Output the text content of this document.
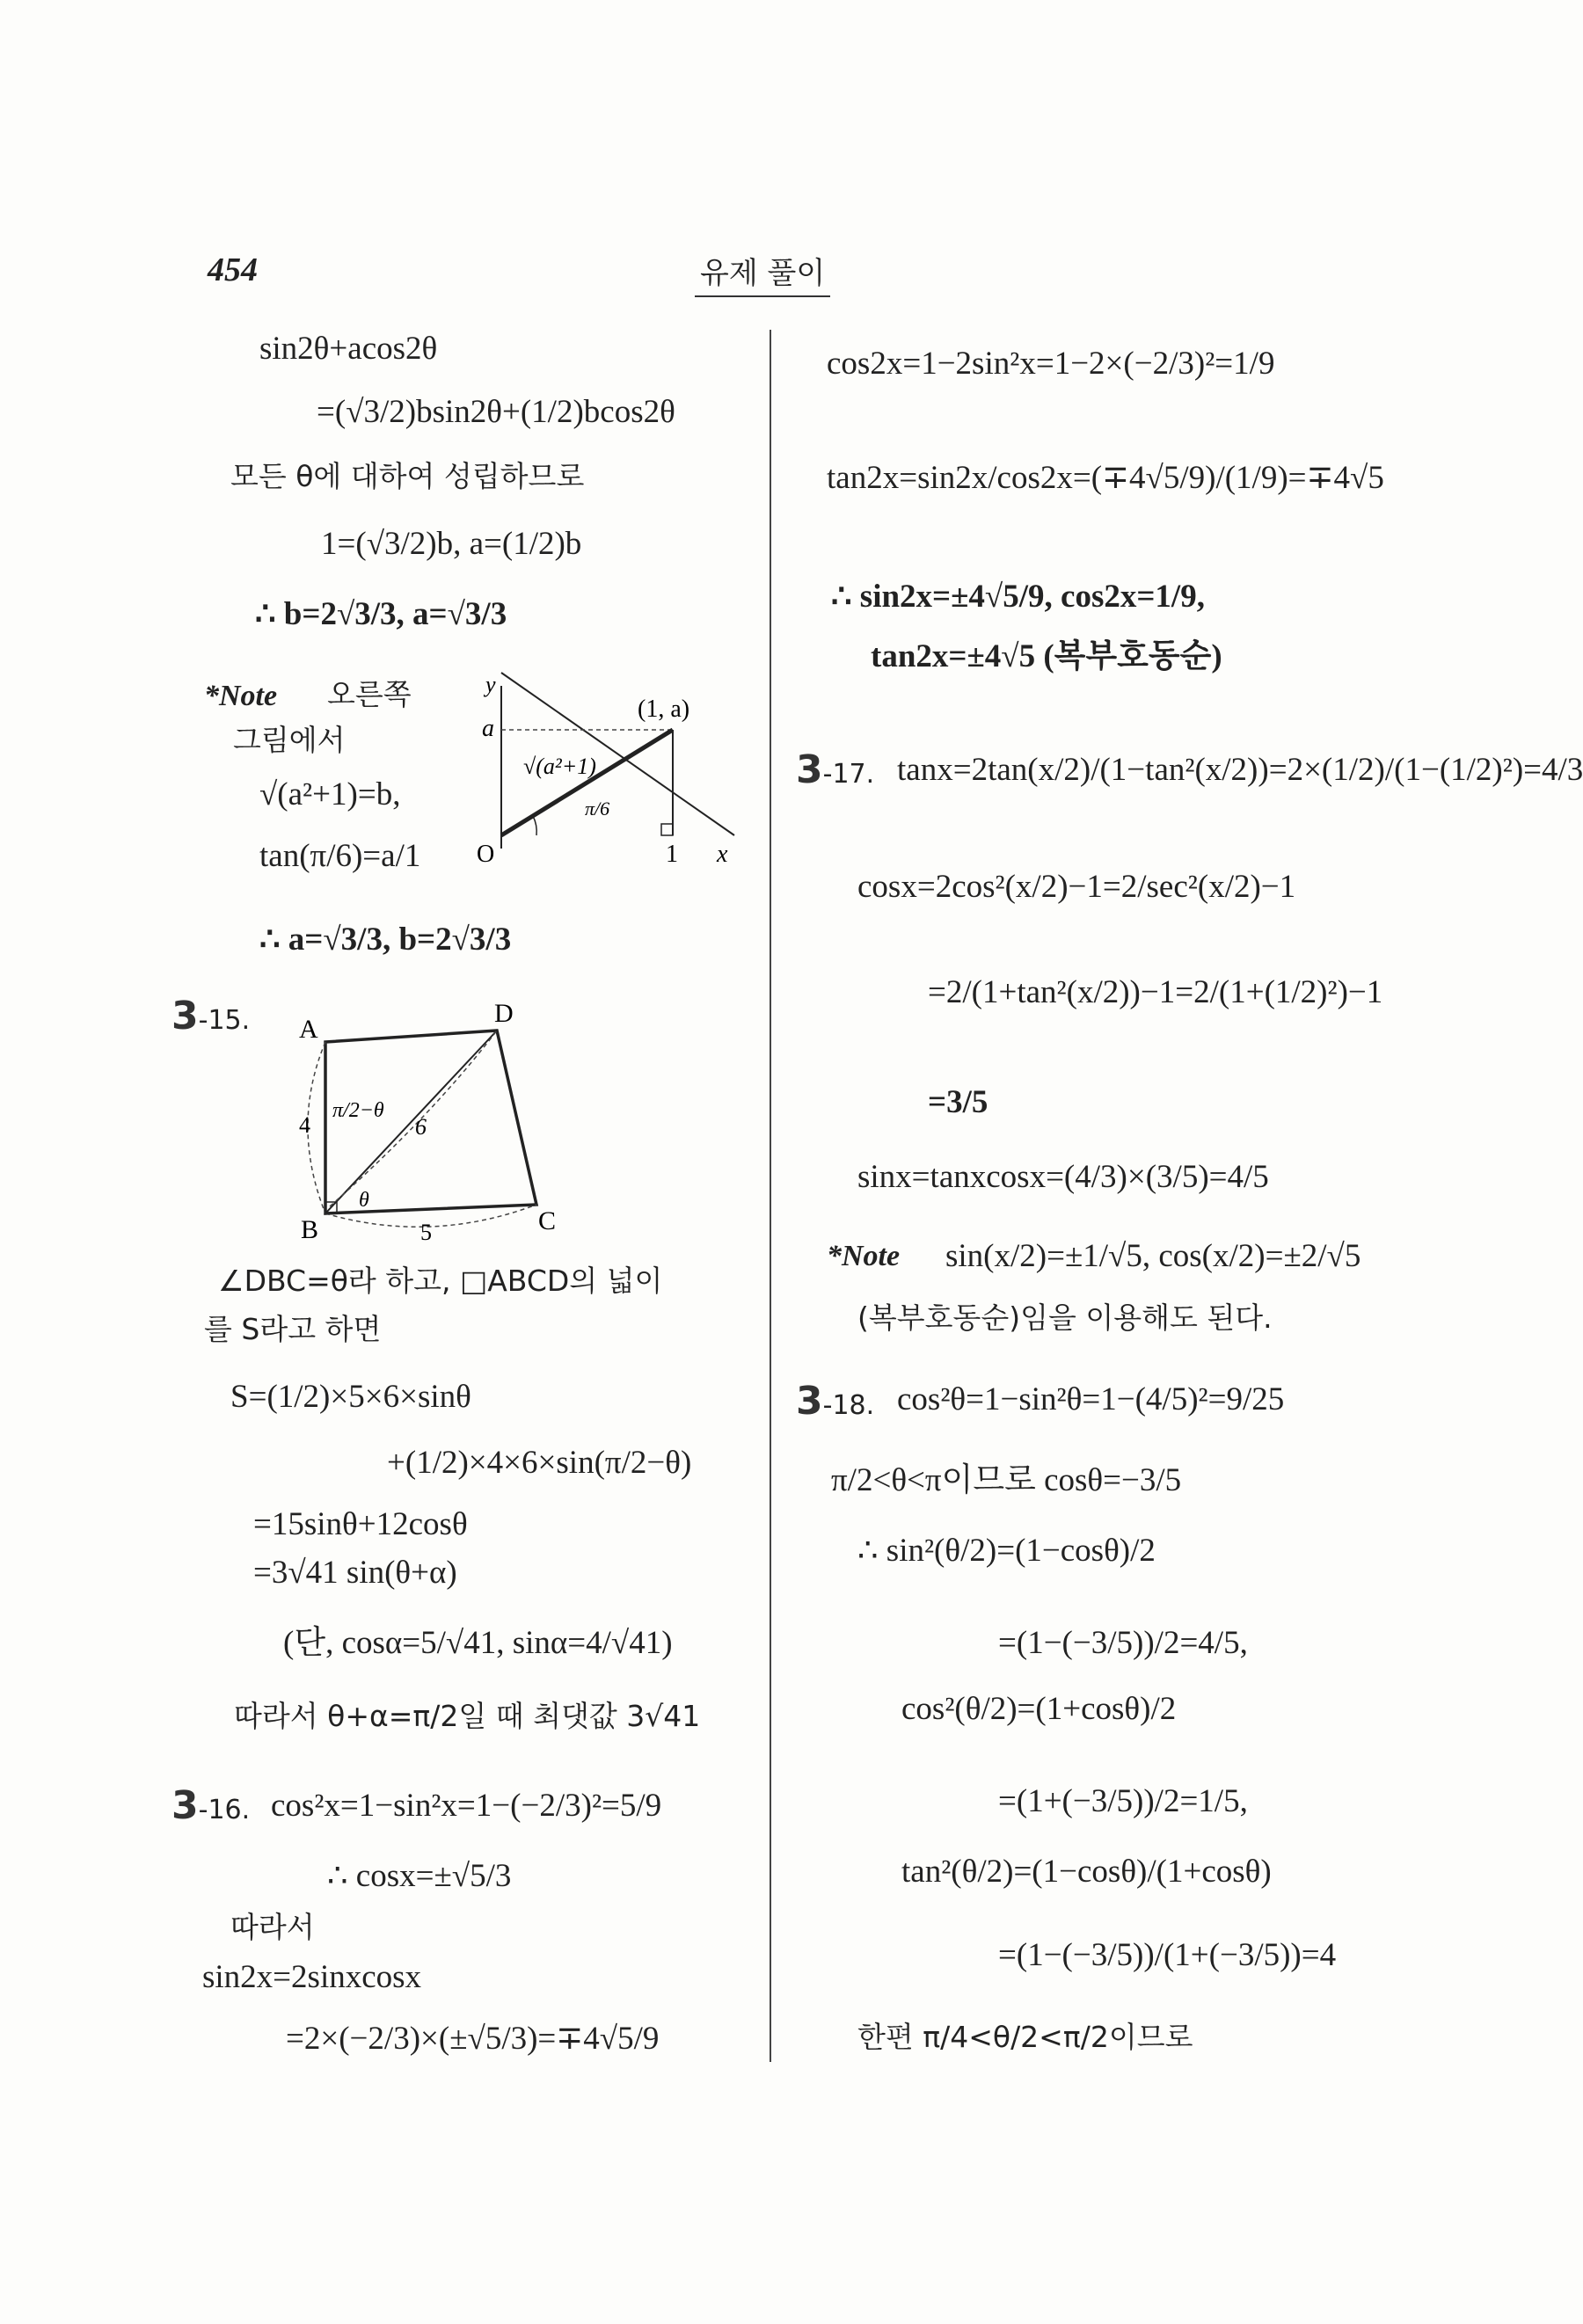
454	유제 풀이
sin2θ+acos2θ
=(√3/2)bsin2θ+(1/2)bcos2θ
모든 θ에 대하여 성립하므로
1=(√3/2)b, a=(1/2)b
∴ b=2√3/3, a=√3/3
*Note 오른쪽
그림에서
√(a²+1)=b,
tan(π/6)=a/1
∴ a=√3/3, b=2√3/3
y
a
(1, a)
√(a²+1)
π/6
O	1 x
3-15. A
D
B	C
4
5
6
π/2−θ
θ
∠DBC=θ라 하고, □ABCD의 넓이
를 S라고 하면
S=(1/2)×5×6×sinθ
+(1/2)×4×6×sin(π/2−θ)
=15sinθ+12cosθ
=3√41 sin(θ+α)
(단, cosα=5/√41, sinα=4/√41)
따라서 θ+α=π/2일 때 최댓값 3√41
3-16. cos²x=1−sin²x=1−(−2/3)²=5/9
∴ cosx=±√5/3
따라서
sin2x=2sinxcosx
=2×(−2/3)×(±√5/3)=∓4√5/9
cos2x=1−2sin²x=1−2×(−2/3)²=1/9
tan2x=sin2x/cos2x=(∓4√5/9)/(1/9)=∓4√5
∴ sin2x=±4√5/9, cos2x=1/9,
tan2x=±4√5 (복부호동순)
3-17. tanx=2tan(x/2)/(1−tan²(x/2))=2×(1/2)/(1−(1/2)²)=4/3
cosx=2cos²(x/2)−1=2/sec²(x/2)−1
=2/(1+tan²(x/2))−1=2/(1+(1/2)²)−1
=3/5
sinx=tanxcosx=(4/3)×(3/5)=4/5
*Note sin(x/2)=±1/√5, cos(x/2)=±2/√5
(복부호동순)임을 이용해도 된다.
3-18. cos²θ=1−sin²θ=1−(4/5)²=9/25
π/2<θ<π이므로 cosθ=−3/5
∴ sin²(θ/2)=(1−cosθ)/2
=(1−(−3/5))/2=4/5,
cos²(θ/2)=(1+cosθ)/2
=(1+(−3/5))/2=1/5,
tan²(θ/2)=(1−cosθ)/(1+cosθ)
=(1−(−3/5))/(1+(−3/5))=4
한편 π/4<θ/2<π/2이므로
